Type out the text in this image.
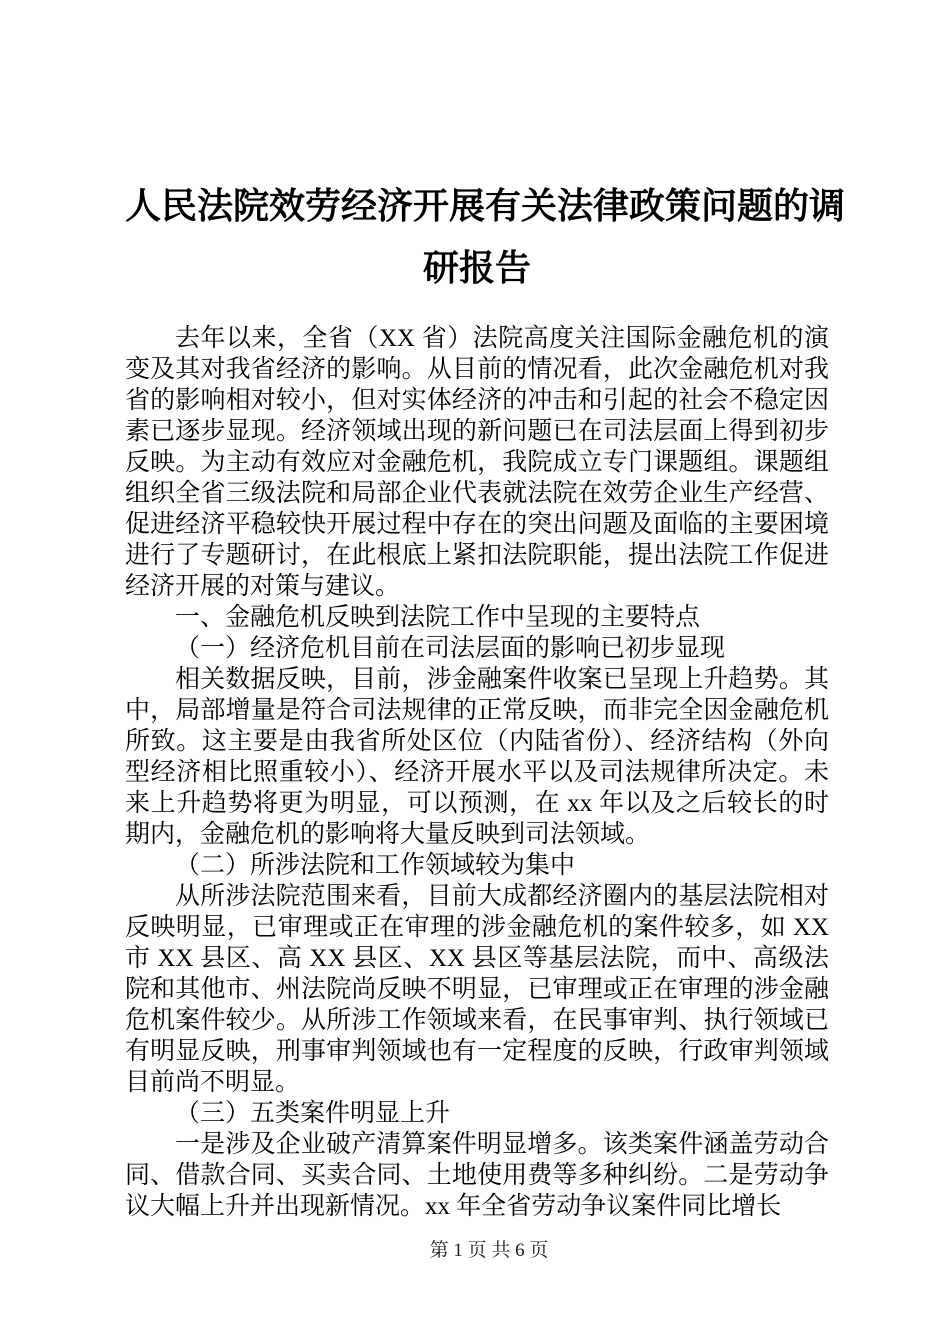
人民法院效劳经济开展有关法律政策问题的调
研报告

去年以来，全省（XX 省）法院高度关注国际金融危机的演变及其对我省经济的影响。从目前的情况看，此次金融危机对我省的影响相对较小，但对实体经济的冲击和引起的社会不稳定因素已逐步显现。经济领域出现的新问题已在司法层面上得到初步反映。为主动有效应对金融危机，我院成立专门课题组。课题组组织全省三级法院和局部企业代表就法院在效劳企业生产经营、促进经济平稳较快开展过程中存在的突出问题及面临的主要困境进行了专题研讨，在此根底上紧扣法院职能，提出法院工作促进经济开展的对策与建议。

一、金融危机反映到法院工作中呈现的主要特点

（一）经济危机目前在司法层面的影响已初步显现

相关数据反映，目前，涉金融案件收案已呈现上升趋势。其中，局部增量是符合司法规律的正常反映，而非完全因金融危机所致。这主要是由我省所处区位（内陆省份）、经济结构（外向型经济相比照重较小）、经济开展水平以及司法规律所决定。未来上升趋势将更为明显，可以预测，在 xx 年以及之后较长的时期内，金融危机的影响将大量反映到司法领域。

（二）所涉法院和工作领域较为集中

从所涉法院范围来看，目前大成都经济圈内的基层法院相对反映明显，已审理或正在审理的涉金融危机的案件较多，如 XX 市 XX 县区、高 XX 县区、XX 县区等基层法院，而中、高级法院和其他市、州法院尚反映不明显，已审理或正在审理的涉金融危机案件较少。从所涉工作领域来看，在民事审判、执行领域已有明显反映，刑事审判领域也有一定程度的反映，行政审判领域目前尚不明显。

（三）五类案件明显上升

一是涉及企业破产清算案件明显增多。该类案件涵盖劳动合同、借款合同、买卖合同、土地使用费等多种纠纷。二是劳动争议大幅上升并出现新情况。xx 年全省劳动争议案件同比增长

第 1 页 共 6 页
